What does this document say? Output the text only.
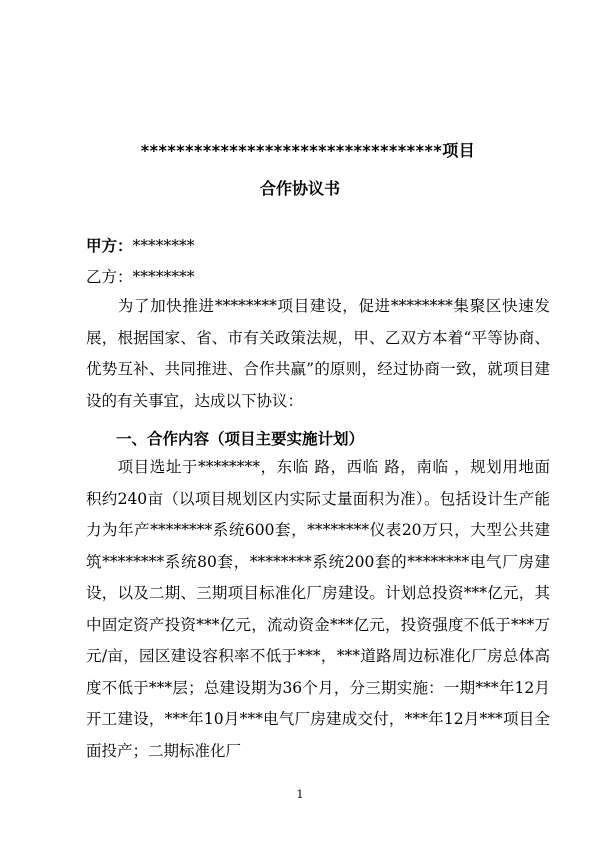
**********************************项目
合作协议书
甲方：********
乙方：********
为了加快推进********项目建设，促进********集聚区快速发展，根据国家、省、市有关政策法规，甲、乙双方本着“平等协商、优势互补、共同推进、合作共赢”的原则，经过协商一致，就项目建设的有关事宜，达成以下协议：
一、合作内容（项目主要实施计划）
项目选址于********，东临 路，西临 路，南临 ，规划用地面积约240亩（以项目规划区内实际丈量面积为准）。包括设计生产能力为年产********系统600套，********仪表20万只，大型公共建筑********系统80套，********系统200套的********电气厂房建设，以及二期、三期项目标准化厂房建设。计划总投资***亿元，其中固定资产投资***亿元，流动资金***亿元，投资强度不低于***万元/亩，园区建设容积率不低于***，***道路周边标准化厂房总体高度不低于***层；总建设期为36个月，分三期实施：一期***年12月开工建设，***年10月***电气厂房建成交付，***年12月***项目全面投产；二期标准化厂
1
